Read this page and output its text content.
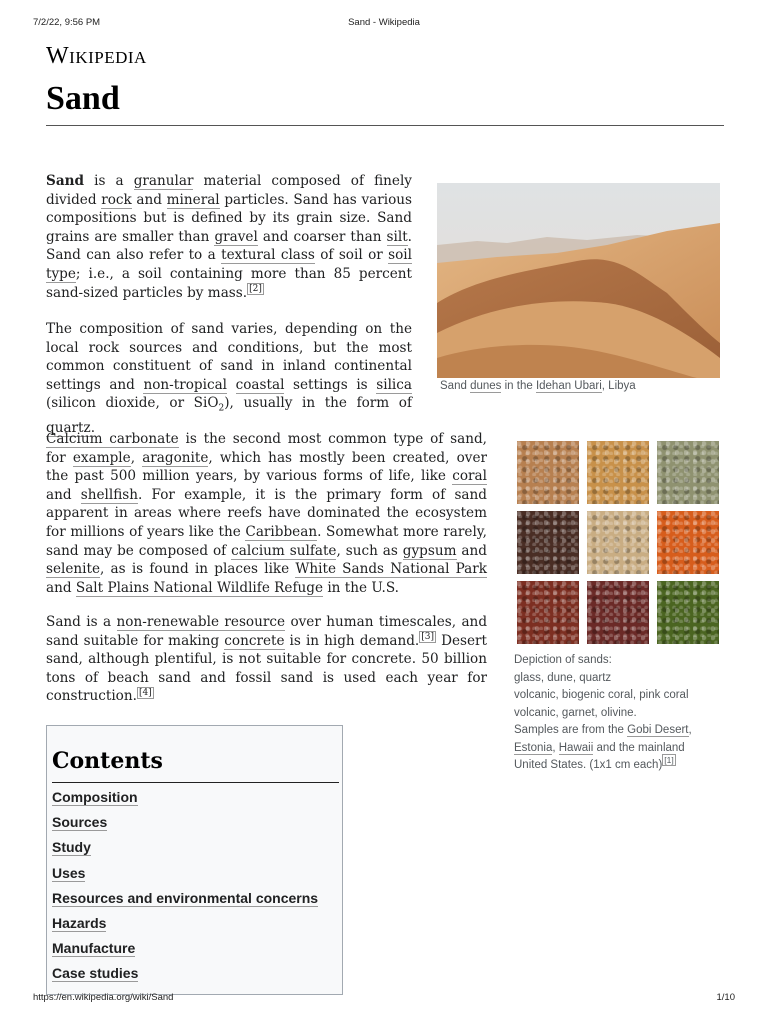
7/2/22, 9:56 PM	Sand - Wikipedia
Wikipedia
Sand

Sand is a granular material composed of finely divided rock and mineral particles. Sand has various compositions but is defined by its grain size. Sand grains are smaller than gravel and coarser than silt. Sand can also refer to a textural class of soil or soil type; i.e., a soil containing more than 85 percent sand-sized particles by mass. [2]

The composition of sand varies, depending on the local rock sources and conditions, but the most common constituent of sand in inland continental settings and non-tropical coastal settings is silica (silicon dioxide, or SiO$_2$), usually in the form of quartz.

Calcium carbonate is the second most common type of sand, for example, aragonite, which has mostly been created, over the past 500 million years, by various forms of life, like coral and shellfish. For example, it is the primary form of sand apparent in areas where reefs have dominated the ecosystem for millions of years like the Caribbean. Somewhat more rarely, sand may be composed of calcium sulfate, such as gypsum and selenite, as is found in places like White Sands National Park and Salt Plains National Wildlife Refuge in the U.S.

Sand is a non-renewable resource over human timescales, and sand suitable for making concrete is in high demand. [3] Desert sand, although plentiful, is not suitable for concrete. 50 billion tons of beach sand and fossil sand is used each year for construction. [4]

Sand dunes in the Idehan Ubari, Libya
Depiction of sands:
glass, dune, quartz
volcanic, biogenic coral, pink coral
volcanic, garnet, olivine.
Samples are from the Gobi Desert,
Estonia, Hawaii and the mainland
United States. (1x1 cm each) [1]
Contents
Composition
Sources
Study
Uses
Resources and environmental concerns
Hazards
Manufacture
Case studies
https://en.wikipedia.org/wiki/Sand	1/10
